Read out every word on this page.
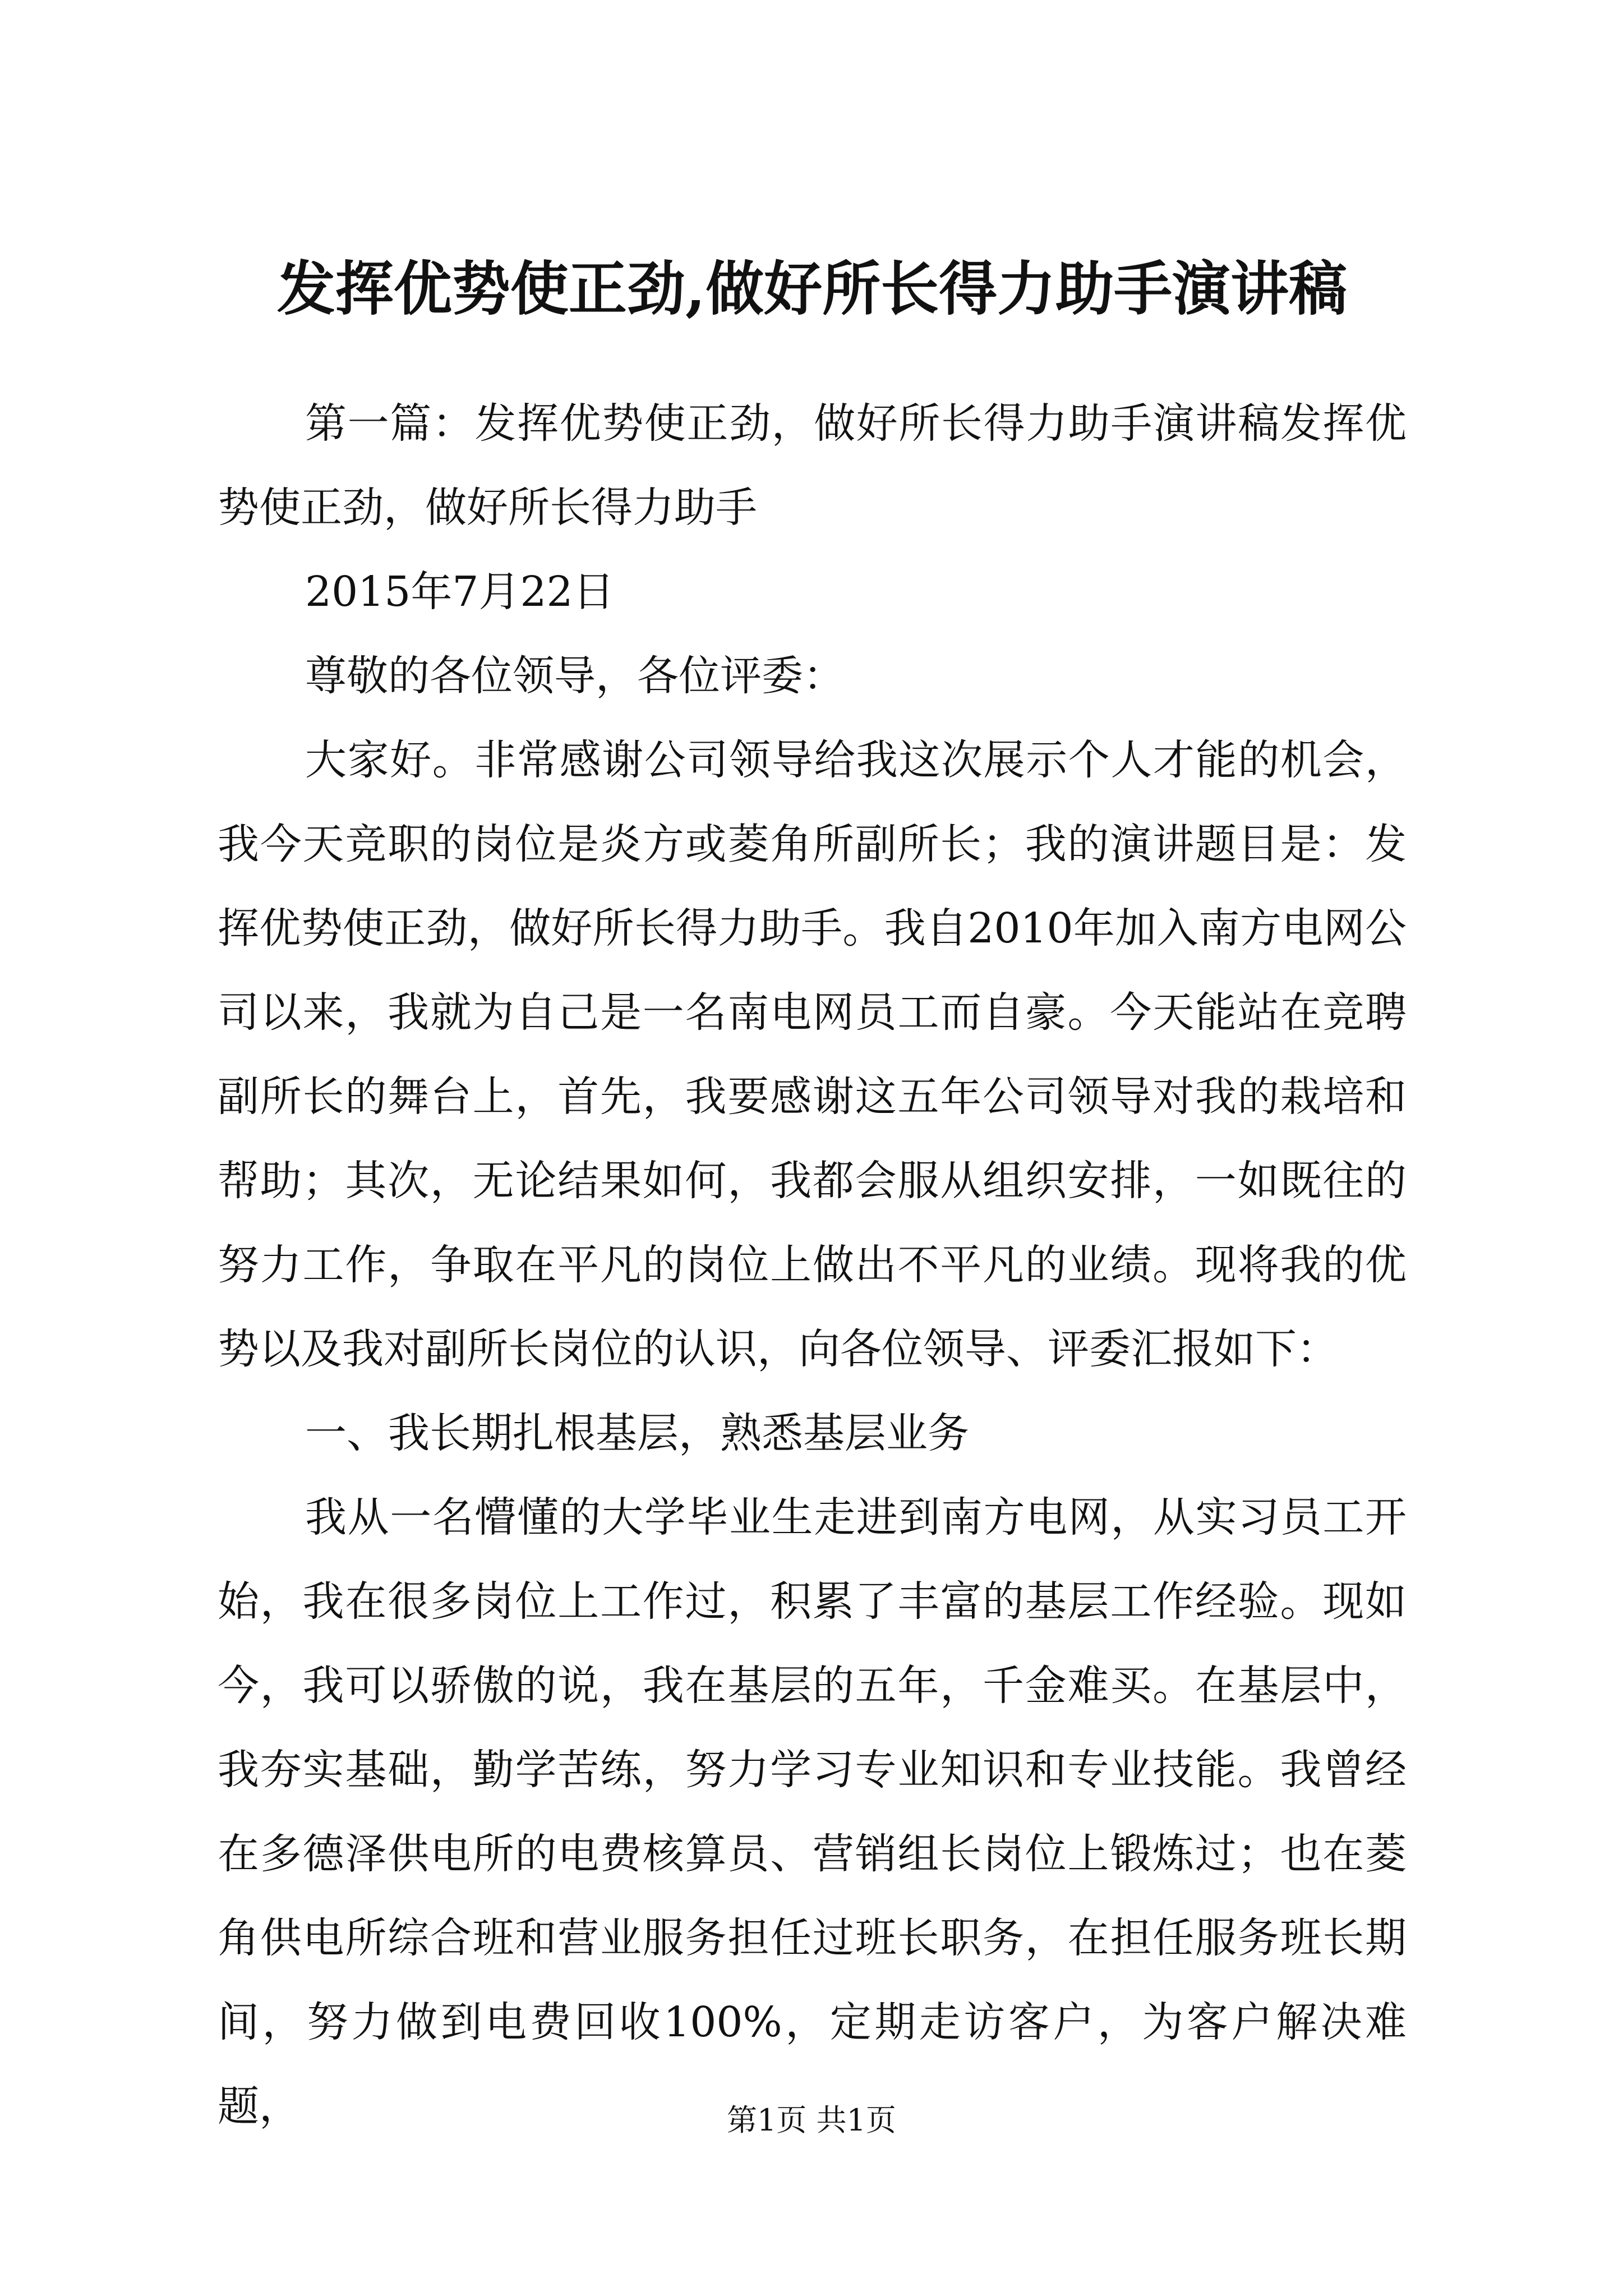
发挥优势使正劲,做好所长得力助手演讲稿

第一篇：发挥优势使正劲，做好所长得力助手演讲稿发挥优势使正劲，做好所长得力助手

2015年7月22日

尊敬的各位领导，各位评委：

大家好。非常感谢公司领导给我这次展示个人才能的机会，我今天竞职的岗位是炎方或菱角所副所长；我的演讲题目是：发挥优势使正劲，做好所长得力助手。我自2010年加入南方电网公司以来，我就为自己是一名南电网员工而自豪。今天能站在竞聘副所长的舞台上，首先，我要感谢这五年公司领导对我的栽培和帮助；其次，无论结果如何，我都会服从组织安排，一如既往的努力工作，争取在平凡的岗位上做出不平凡的业绩。现将我的优势以及我对副所长岗位的认识，向各位领导、评委汇报如下：

一、我长期扎根基层，熟悉基层业务

我从一名懵懂的大学毕业生走进到南方电网，从实习员工开始，我在很多岗位上工作过，积累了丰富的基层工作经验。现如今，我可以骄傲的说，我在基层的五年，千金难买。在基层中，我夯实基础，勤学苦练，努力学习专业知识和专业技能。我曾经在多德泽供电所的电费核算员、营销组长岗位上锻炼过；也在菱角供电所综合班和营业服务担任过班长职务，在担任服务班长期间，努力做到电费回收100%，定期走访客户，为客户解决难题，	第1页 共1页
